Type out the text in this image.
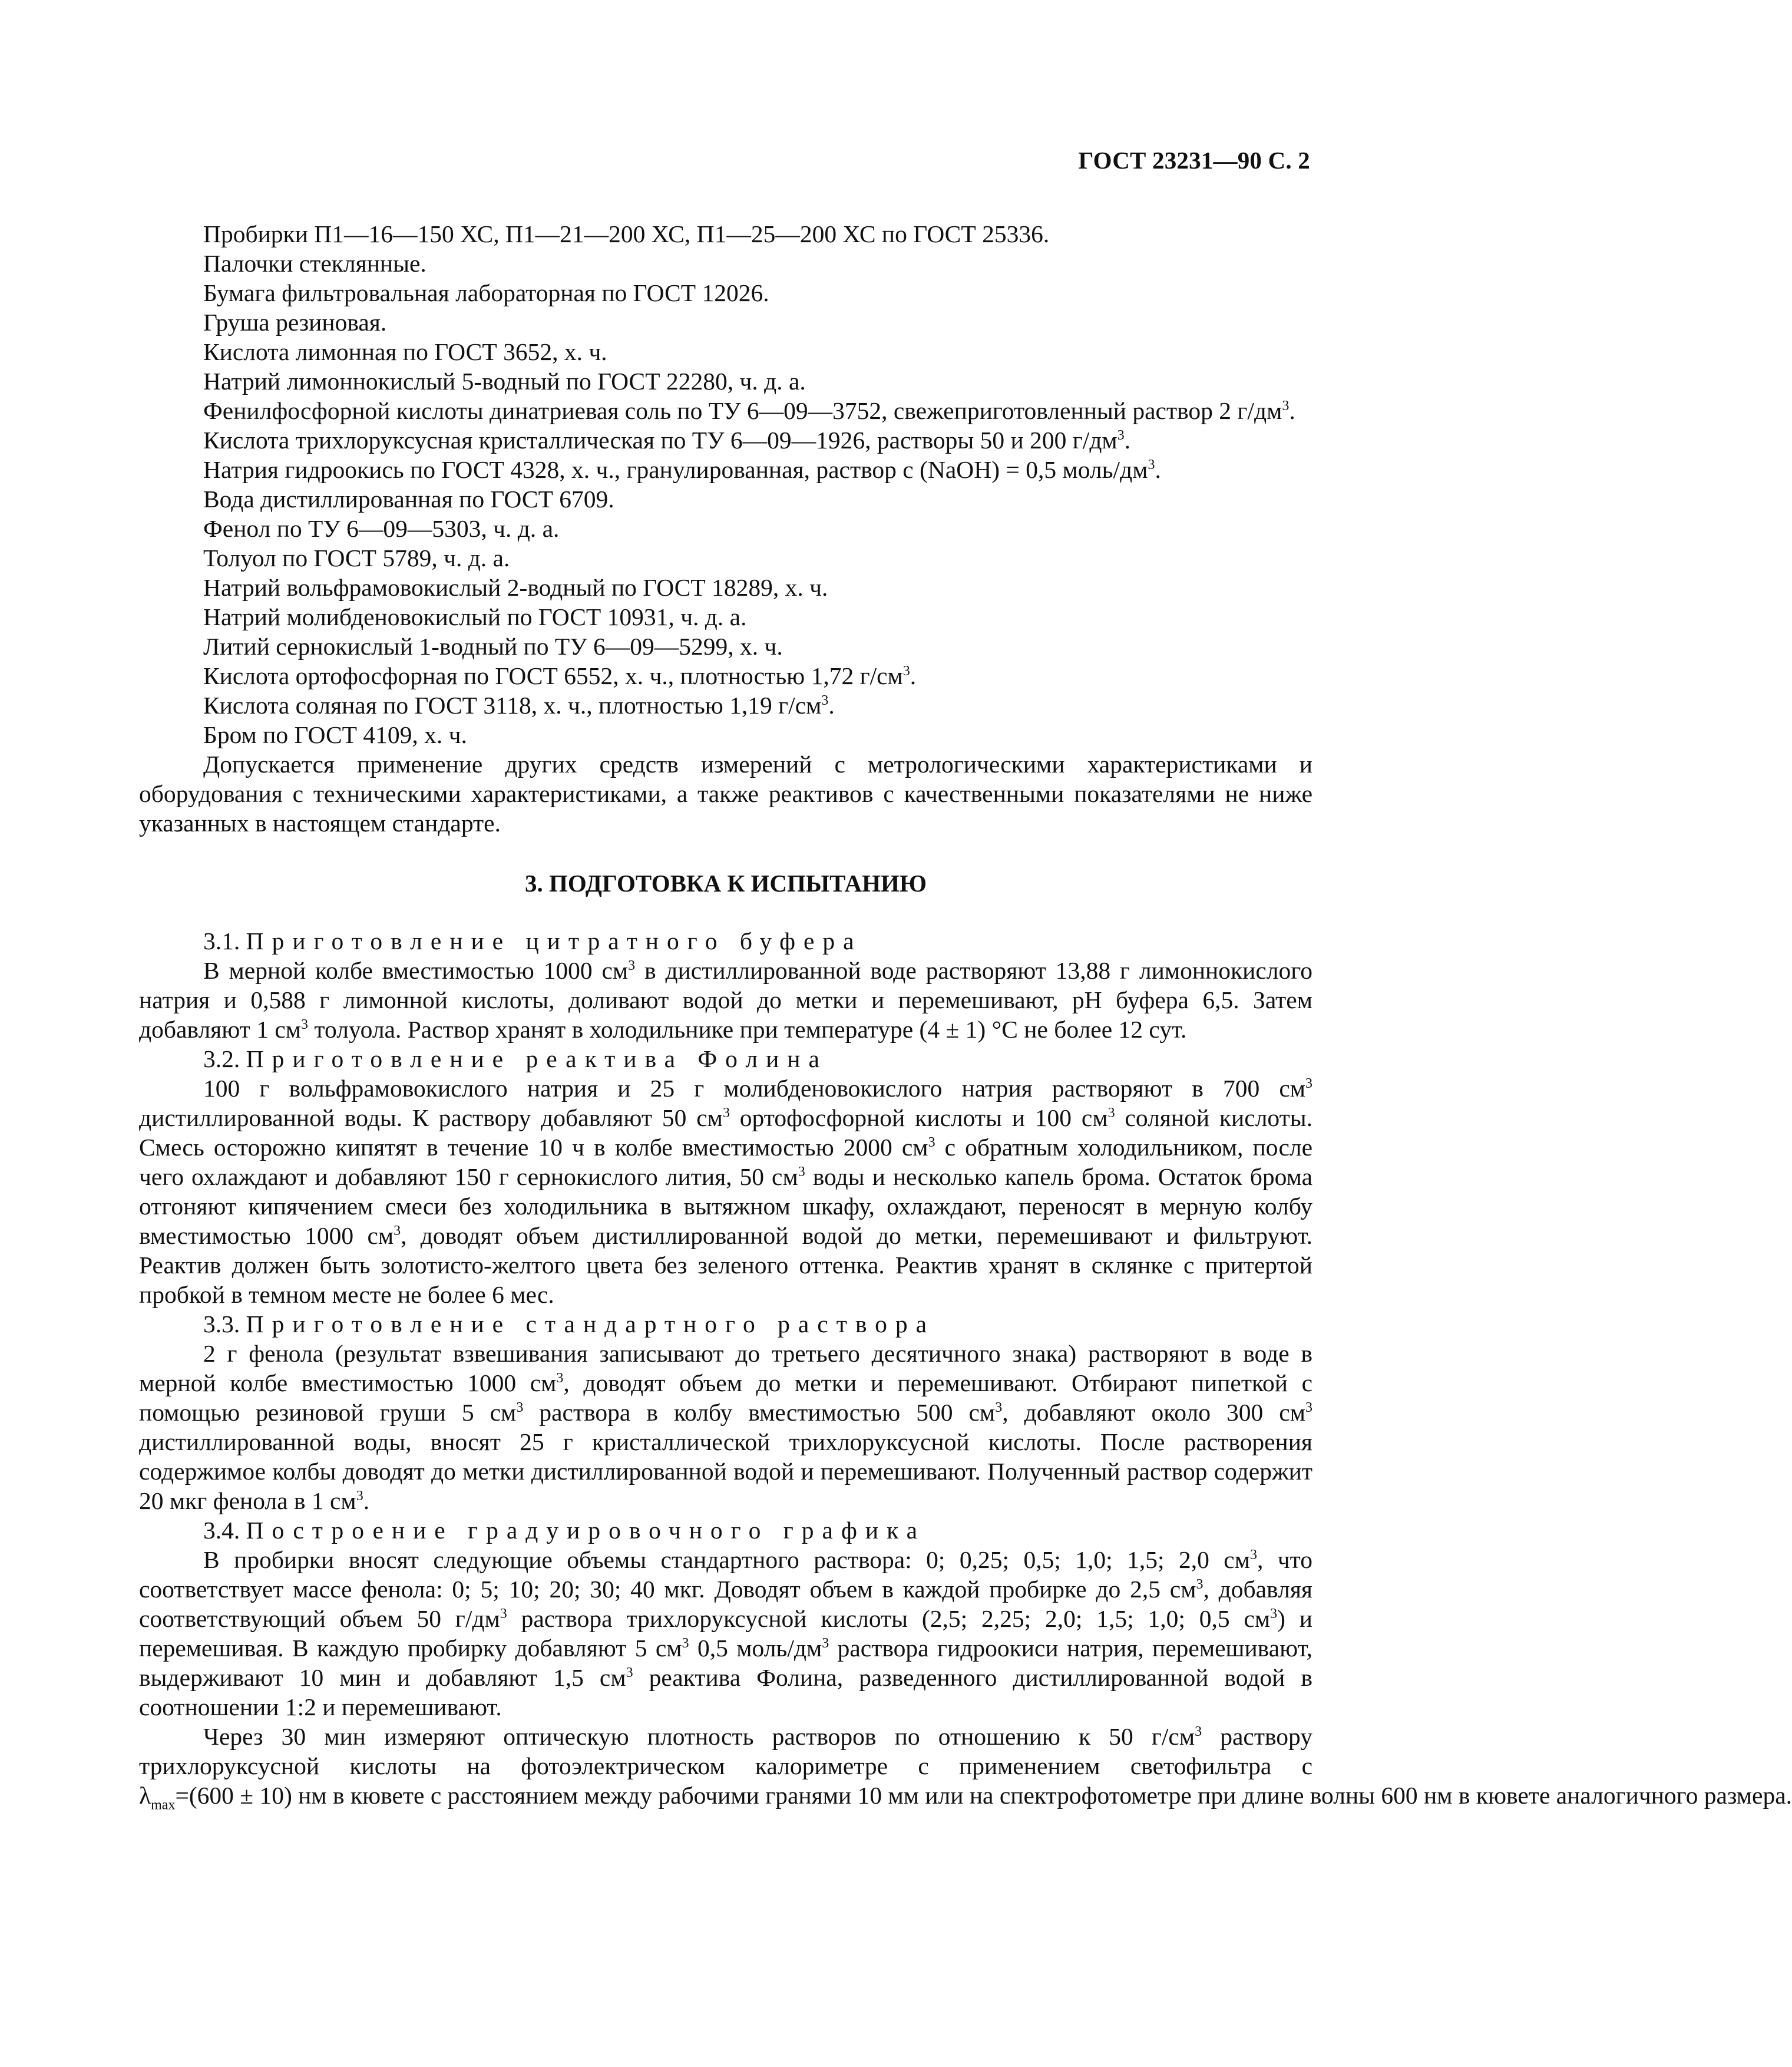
ГОСТ 23231—90 С. 2

Пробирки П1—16—150 ХС, П1—21—200 ХС, П1—25—200 ХС по ГОСТ 25336.

Палочки стеклянные.

Бумага фильтровальная лабораторная по ГОСТ 12026.

Груша резиновая.

Кислота лимонная по ГОСТ 3652, х. ч.

Натрий лимоннокислый 5-водный по ГОСТ 22280, ч. д. а.

Фенилфосфорной кислоты динатриевая соль по ТУ 6—09—3752, свежеприготовленный раствор 2 $г/дм^3$.

Кислота трихлоруксусная кристаллическая по ТУ 6—09—1926, растворы 50 и 200 $г/дм^3$.

Натрия гидроокись по ГОСТ 4328, х. ч., гранулированная, раствор c (NaOH) = 0,5 моль/$дм^3$.

Вода дистиллированная по ГОСТ 6709.

Фенол по ТУ 6—09—5303, ч. д. а.

Толуол по ГОСТ 5789, ч. д. а.

Натрий вольфрамовокислый 2-водный по ГОСТ 18289, х. ч.

Натрий молибденовокислый по ГОСТ 10931, ч. д. а.

Литий сернокислый 1-водный по ТУ 6—09—5299, х. ч.

Кислота ортофосфорная по ГОСТ 6552, х. ч., плотностью 1,72 $г/см^3$.

Кислота соляная по ГОСТ 3118, х. ч., плотностью 1,19 $г/см^3$.

Бром по ГОСТ 4109, х. ч.

Допускается применение других средств измерений с метрологическими характеристиками и оборудования с техническими характеристиками, а также реактивов с качественными показателями не ниже указанных в настоящем стандарте.

3. ПОДГОТОВКА К ИСПЫТАНИЮ

3.1. Приготовление цитратного буфера

В мерной колбе вместимостью 1000 $см^3$ в дистиллированной воде растворяют 13,88 г лимоннокислого натрия и 0,588 г лимонной кислоты, доливают водой до метки и перемешивают, pH буфера 6,5. Затем добавляют 1 $см^3$ толуола. Раствор хранят в холодильнике при температуре (4 ± 1) °С не более 12 сут.

3.2. Приготовление реактива Фолина

100 г вольфрамовокислого натрия и 25 г молибденовокислого натрия растворяют в 700 $см^3$ дистиллированной воды. К раствору добавляют 50 $см^3$ ортофосфорной кислоты и 100 $см^3$ соляной кислоты. Смесь осторожно кипятят в течение 10 ч в колбе вместимостью 2000 $см^3$ с обратным холодильником, после чего охлаждают и добавляют 150 г сернокислого лития, 50 $см^3$ воды и несколько капель брома. Остаток брома отгоняют кипячением смеси без холодильника в вытяжном шкафу, охлаждают, переносят в мерную колбу вместимостью 1000 $см^3$, доводят объем дистиллированной водой до метки, перемешивают и фильтруют. Реактив должен быть золотисто-желтого цвета без зеленого оттенка. Реактив хранят в склянке с притертой пробкой в темном месте не более 6 мес.

3.3. Приготовление стандартного раствора

2 г фенола (результат взвешивания записывают до третьего десятичного знака) растворяют в воде в мерной колбе вместимостью 1000 $см^3$, доводят объем до метки и перемешивают. Отбирают пипеткой с помощью резиновой груши 5 $см^3$ раствора в колбу вместимостью 500 $см^3$, добавляют около 300 $см^3$ дистиллированной воды, вносят 25 г кристаллической трихлоруксусной кислоты. После растворения содержимое колбы доводят до метки дистиллированной водой и перемешивают. Полученный раствор содержит 20 мкг фенола в 1 $см^3$.

3.4. Построение градуировочного графика

В пробирки вносят следующие объемы стандартного раствора: 0; 0,25; 0,5; 1,0; 1,5; 2,0 $см^3$, что соответствует массе фенола: 0; 5; 10; 20; 30; 40 мкг. Доводят объем в каждой пробирке до 2,5 $см^3$, добавляя соответствующий объем 50 $г/дм^3$ раствора трихлоруксусной кислоты (2,5; 2,25; 2,0; 1,5; 1,0; 0,5 $см^3$) и перемешивая. В каждую пробирку добавляют 5 $см^3$ 0,5 моль/$дм^3$ раствора гидроокиси натрия, перемешивают, выдерживают 10 мин и добавляют 1,5 $см^3$ реактива Фолина, разведенного дистиллированной водой в соотношении 1:2 и перемешивают.

Через 30 мин измеряют оптическую плотность растворов по отношению к 50 $г/см^3$ раствору трихлоруксусной кислоты на фотоэлектрическом калориметре с применением светофильтра с $\lambda_{max}=(600 \pm 10)$ нм в кювете с расстоянием между рабочими гранями 10 мм или на спектрофотометре при длине волны 600 нм в кювете аналогичного размера.
